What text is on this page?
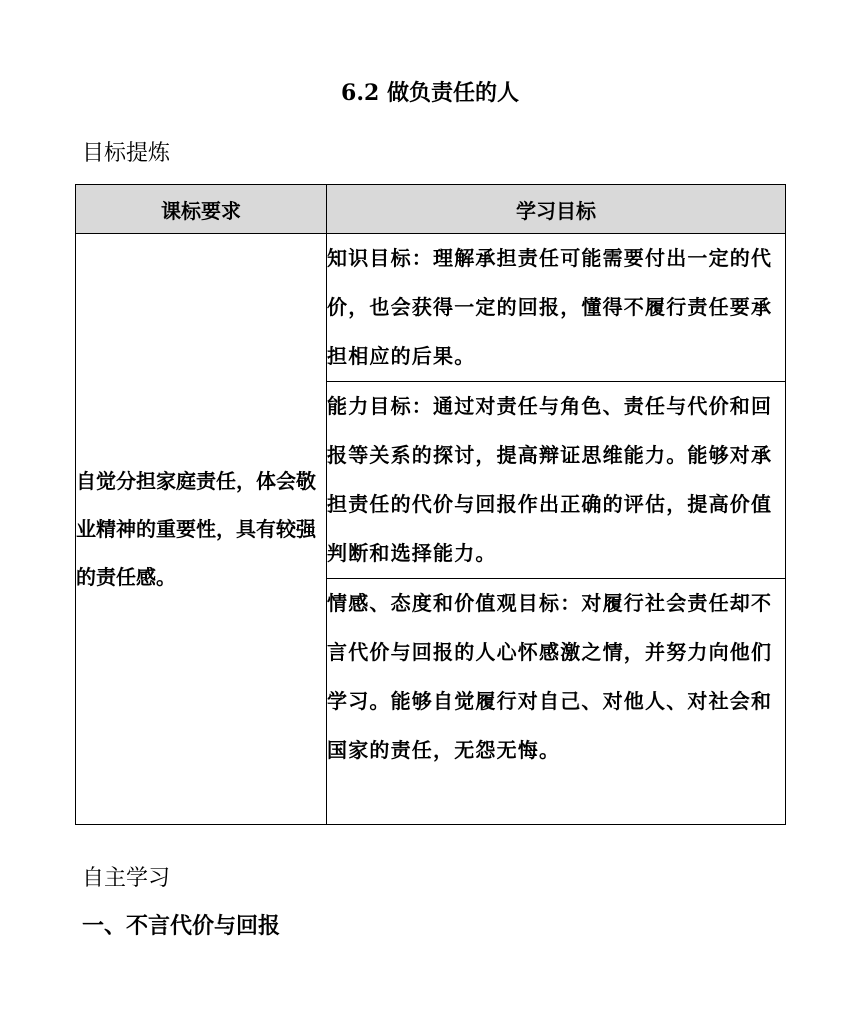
6.2 做负责任的人
目标提炼
课标要求	学习目标
自觉分担家庭责任，体会敬业精神的重要性，具有较强的责任感。	知识目标：理解承担责任可能需要付出一定的代价，也会获得一定的回报，懂得不履行责任要承担相应的后果。
	能力目标：通过对责任与角色、责任与代价和回报等关系的探讨，提高辩证思维能力。能够对承担责任的代价与回报作出正确的评估，提高价值判断和选择能力。
	情感、态度和价值观目标：对履行社会责任却不言代价与回报的人心怀感激之情，并努力向他们学习。能够自觉履行对自己、对他人、对社会和国家的责任，无怨无悔。
自主学习
一、不言代价与回报
